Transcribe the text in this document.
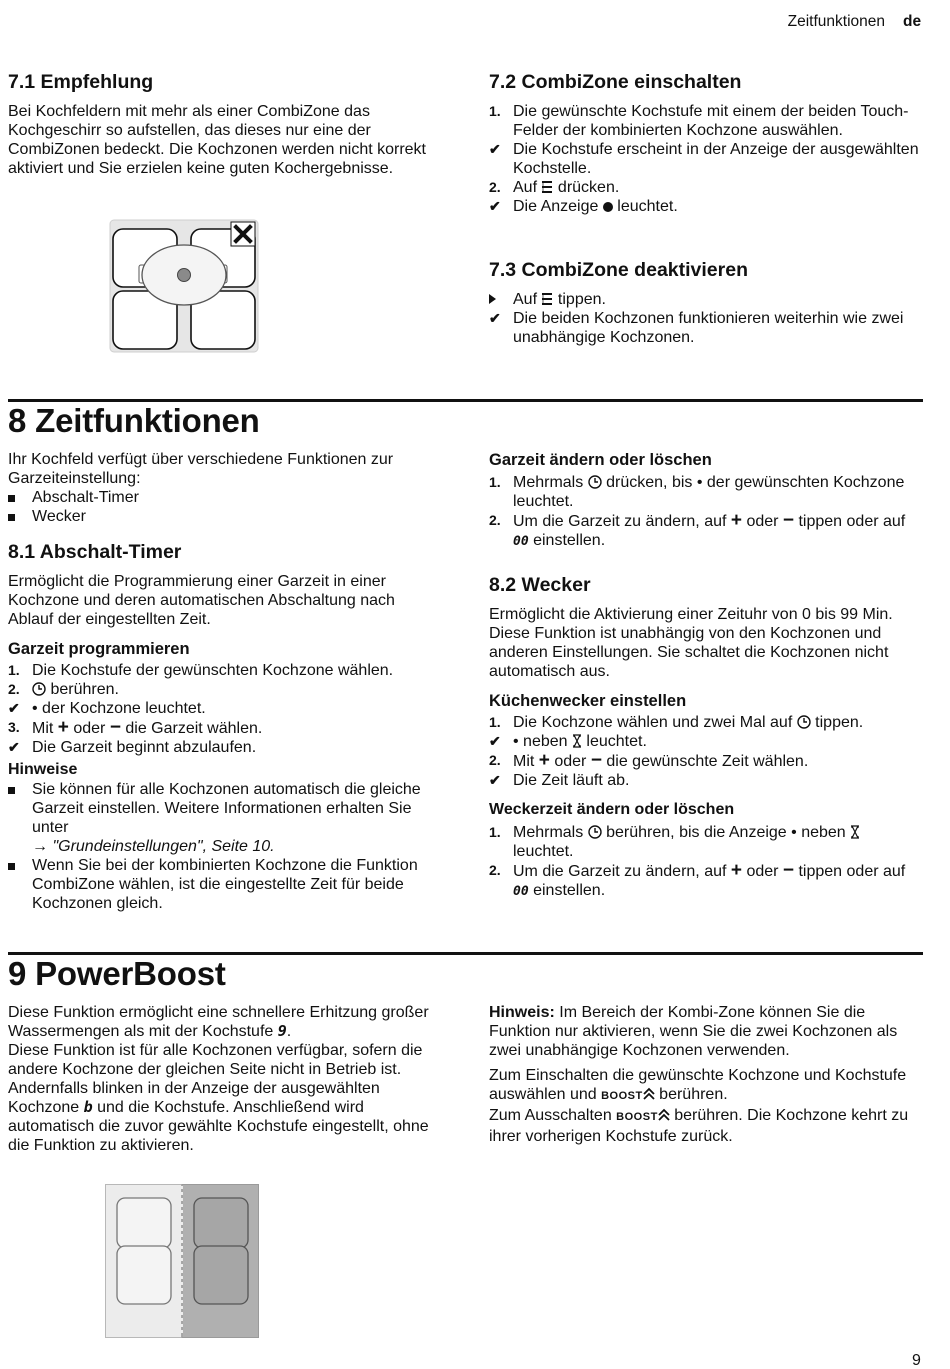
Zeitfunktionen de
7.1 Empfehlung
Bei Kochfeldern mit mehr als einer CombiZone das Kochgeschirr so aufstellen, das dieses nur eine der CombiZonen bedeckt. Die Kochzonen werden nicht korrekt aktiviert und Sie erzielen keine guten Kochergebnisse.
7.2 CombiZone einschalten
1. Die gewünschte Kochstufe mit einem der beiden Touch-Felder der kombinierten Kochzone auswählen.
✔ Die Kochstufe erscheint in der Anzeige der ausgewählten Kochstelle.
2. Auf  drücken.
✔ Die Anzeige  leuchtet.
7.3 CombiZone deaktivieren
Auf  tippen.
✔ Die beiden Kochzonen funktionieren weiterhin wie zwei unabhängige Kochzonen.
8 Zeitfunktionen
Ihr Kochfeld verfügt über verschiedene Funktionen zur Garzeiteinstellung:
Abschalt-Timer
Wecker
8.1 Abschalt-Timer
Ermöglicht die Programmierung einer Garzeit in einer Kochzone und deren automatischen Abschaltung nach Ablauf der eingestellten Zeit.
Garzeit programmieren
1. Die Kochstufe der gewünschten Kochzone wählen.
2.	berühren.
✔ • der Kochzone leuchtet.
3. Mit + oder − die Garzeit wählen.
✔ Die Garzeit beginnt abzulaufen.
Hinweise
Sie können für alle Kochzonen automatisch die gleiche Garzeit einstellen. Weitere Informationen erhalten Sie unter
→ "Grundeinstellungen", Seite 10.
Wenn Sie bei der kombinierten Kochzone die Funktion CombiZone wählen, ist die eingestellte Zeit für beide Kochzonen gleich.
Garzeit ändern oder löschen
1. Mehrmals  drücken, bis • der gewünschten Kochzone leuchtet.
2. Um die Garzeit zu ändern, auf + oder − tippen oder auf 00 einstellen.
8.2 Wecker
Ermöglicht die Aktivierung einer Zeituhr von 0 bis 99 Min. Diese Funktion ist unabhängig von den Kochzonen und anderen Einstellungen. Sie schaltet die Kochzonen nicht automatisch aus.
Küchenwecker einstellen
1. Die Kochzone wählen und zwei Mal auf  tippen.
✔ • neben  leuchtet.
2. Mit + oder − die gewünschte Zeit wählen.
✔ Die Zeit läuft ab.
Weckerzeit ändern oder löschen
1. Mehrmals  berühren, bis die Anzeige • neben  leuchtet.
2. Um die Garzeit zu ändern, auf + oder − tippen oder auf 00 einstellen.
9 PowerBoost
Diese Funktion ermöglicht eine schnellere Erhitzung großer Wassermengen als mit der Kochstufe 9.
Diese Funktion ist für alle Kochzonen verfügbar, sofern die andere Kochzone der gleichen Seite nicht in Betrieb ist.
Andernfalls blinken in der Anzeige der ausgewählten Kochzone b und die Kochstufe. Anschließend wird automatisch die zuvor gewählte Kochstufe eingestellt, ohne die Funktion zu aktivieren.
Hinweis: Im Bereich der Kombi-Zone können Sie die Funktion nur aktivieren, wenn Sie die zwei Kochzonen als zwei unabhängige Kochzonen verwenden.
Zum Einschalten die gewünschte Kochzone und Kochstufe auswählen und BOOST berühren.
Zum Ausschalten BOOST berühren. Die Kochzone kehrt zu ihrer vorherigen Kochstufe zurück.
9
